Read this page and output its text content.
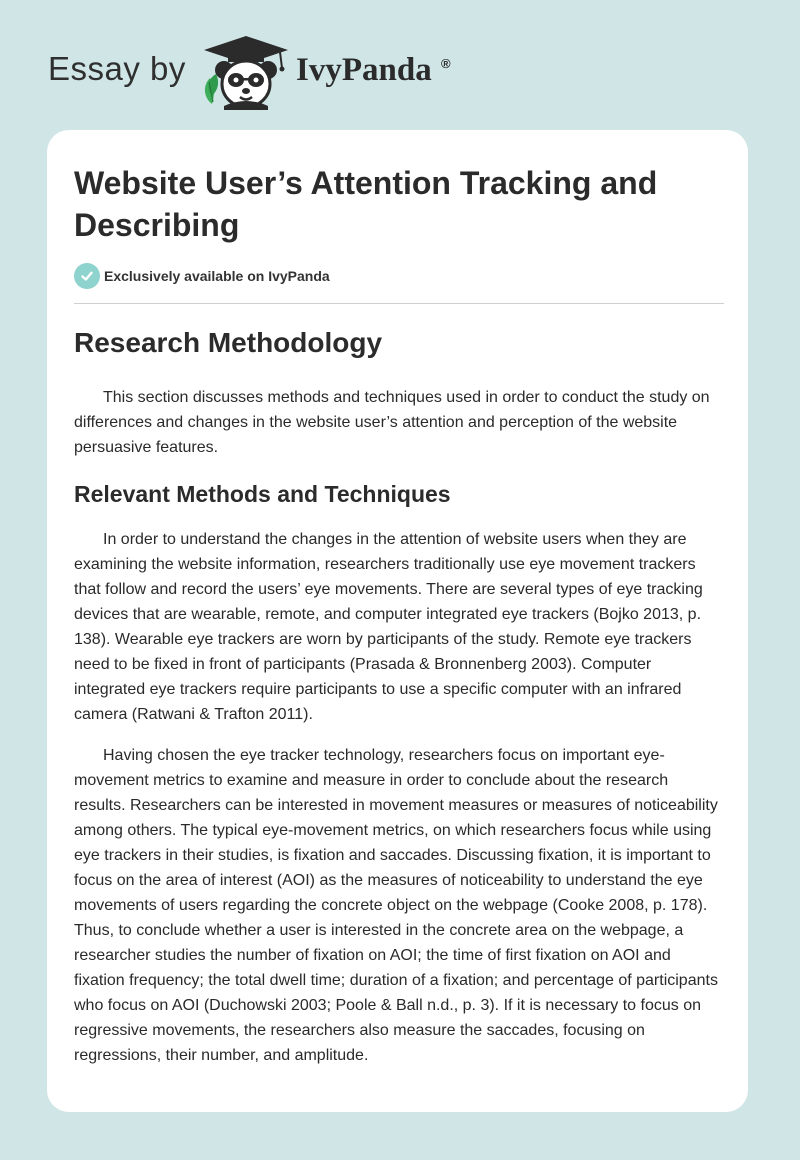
Essay by	IvyPanda ®
Website User’s Attention Tracking and Describing
Exclusively available on IvyPanda
Research Methodology

This section discusses methods and techniques used in order to conduct the study on differences and changes in the website user’s attention and perception of the website persuasive features.

Relevant Methods and Techniques

In order to understand the changes in the attention of website users when they are examining the website information, researchers traditionally use eye movement trackers that follow and record the users’ eye movements. There are several types of eye tracking devices that are wearable, remote, and computer integrated eye trackers (Bojko 2013, p. 138). Wearable eye trackers are worn by participants of the study. Remote eye trackers need to be fixed in front of participants (Prasada & Bronnenberg 2003). Computer integrated eye trackers require participants to use a specific computer with an infrared camera (Ratwani & Trafton 2011).

Having chosen the eye tracker technology, researchers focus on important eye-movement metrics to examine and measure in order to conclude about the research results. Researchers can be interested in movement measures or measures of noticeability among others. The typical eye-movement metrics, on which researchers focus while using eye trackers in their studies, is fixation and saccades. Discussing fixation, it is important to focus on the area of interest (AOI) as the measures of noticeability to understand the eye movements of users regarding the concrete object on the webpage (Cooke 2008, p. 178). Thus, to conclude whether a user is interested in the concrete area on the webpage, a researcher studies the number of fixation on AOI; the time of first fixation on AOI and fixation frequency; the total dwell time; duration of a fixation; and percentage of participants who focus on AOI (Duchowski 2003; Poole & Ball n.d., p. 3). If it is necessary to focus on regressive movements, the researchers also measure the saccades, focusing on regressions, their number, and amplitude.
